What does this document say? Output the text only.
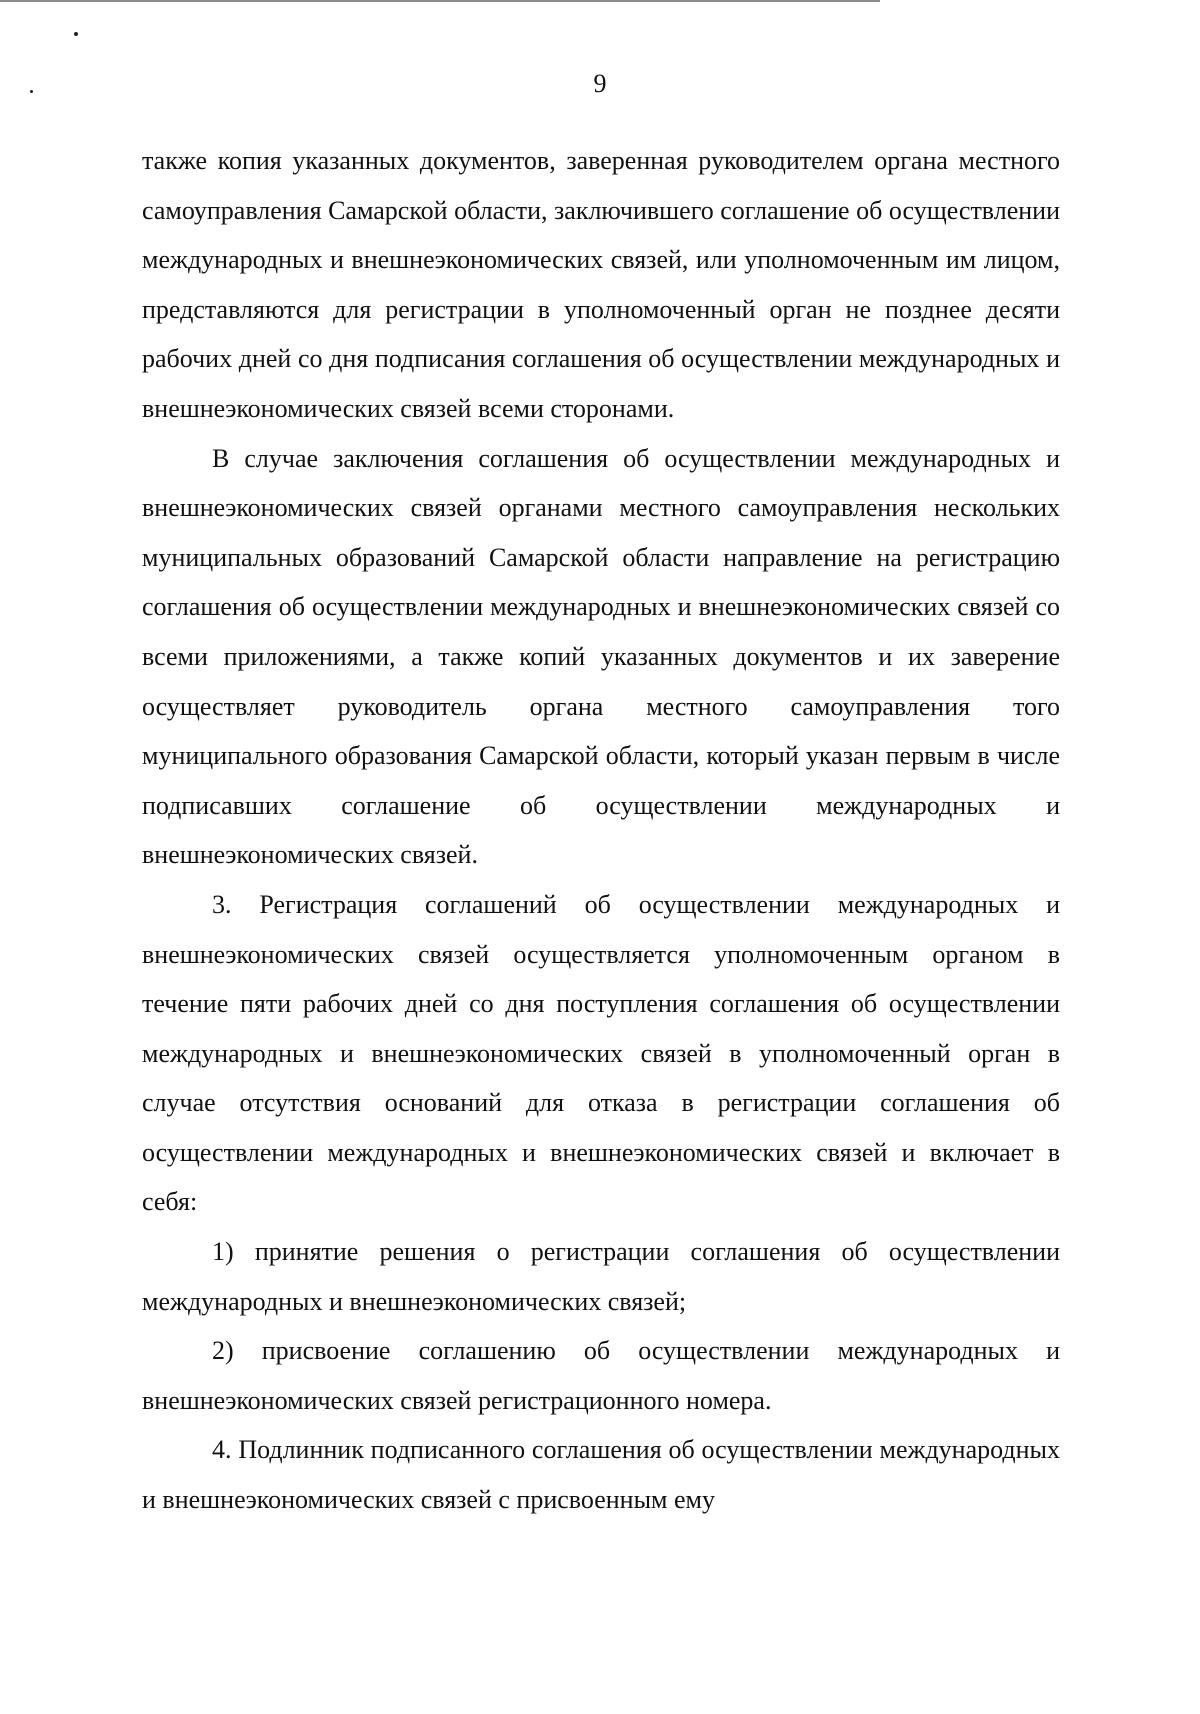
9

также копия указанных документов, заверенная руководителем органа местного самоуправления Самарской области, заключившего соглашение об осуществлении международных и внешнеэкономических связей, или уполномоченным им лицом, представляются для регистрации в уполномоченный орган не позднее десяти рабочих дней со дня подписания соглашения об осуществлении международных и внешнеэкономических связей всеми сторонами.

В случае заключения соглашения об осуществлении международных и внешнеэкономических связей органами местного самоуправления нескольких муниципальных образований Самарской области направление на регистрацию соглашения об осуществлении международных и внешнеэкономических связей со всеми приложениями, а также копий указанных документов и их заверение осуществляет руководитель органа местного самоуправления того муниципального образования Самарской области, который указан первым в числе подписавших соглашение об осуществлении международных и внешнеэкономических связей.

3. Регистрация соглашений об осуществлении международных и внешнеэкономических связей осуществляется уполномоченным органом в течение пяти рабочих дней со дня поступления соглашения об осуществлении международных и внешнеэкономических связей в уполномоченный орган в случае отсутствия оснований для отказа в регистрации соглашения об осуществлении международных и внешнеэкономических связей и включает в себя:

1) принятие решения о регистрации соглашения об осуществлении международных и внешнеэкономических связей;

2) присвоение соглашению об осуществлении международных и внешнеэкономических связей регистрационного номера.

4. Подлинник подписанного соглашения об осуществлении международных и внешнеэкономических связей с присвоенным ему
